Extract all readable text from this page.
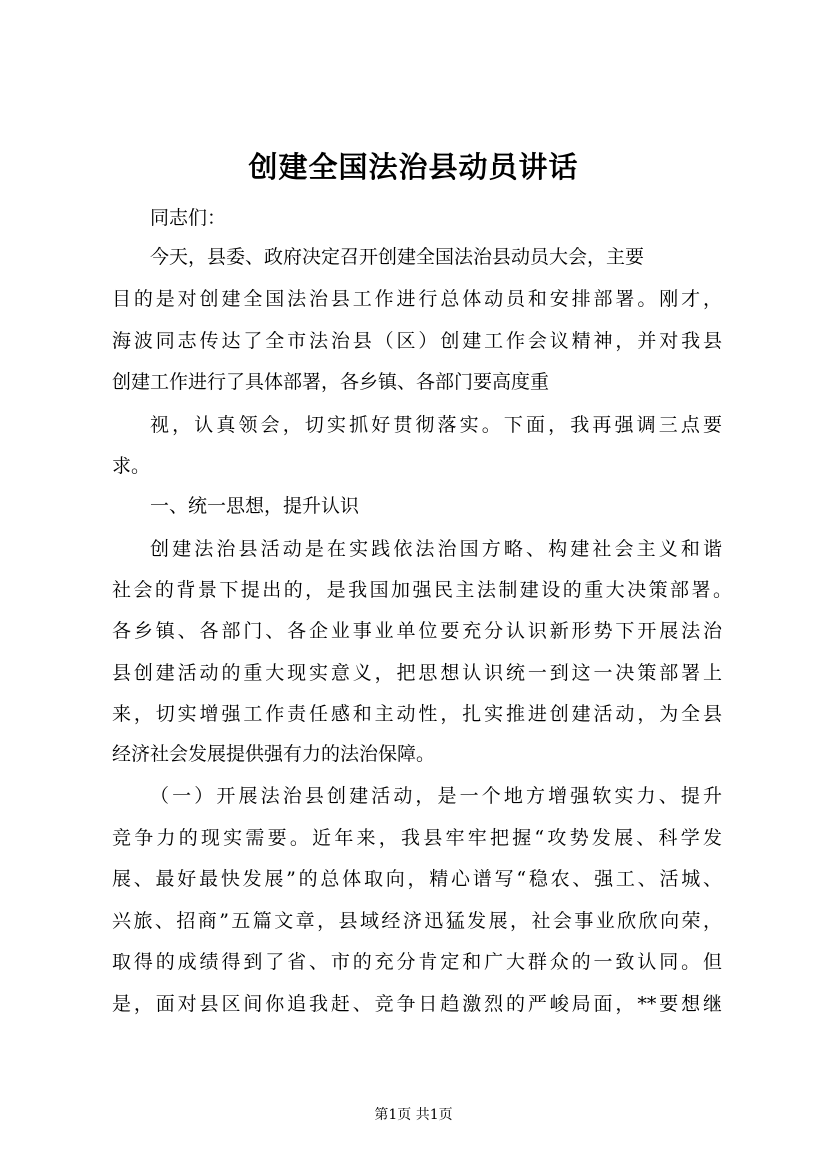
创建全国法治县动员讲话

同志们：

今天，县委、政府决定召开创建全国法治县动员大会，主要

目的是对创建全国法治县工作进行总体动员和安排部署。刚才，

海波同志传达了全市法治县（区）创建工作会议精神，并对我县

创建工作进行了具体部署，各乡镇、各部门要高度重

视，认真领会，切实抓好贯彻落实。下面，我再强调三点要

求。

一、统一思想，提升认识

创建法治县活动是在实践依法治国方略、构建社会主义和谐

社会的背景下提出的，是我国加强民主法制建设的重大决策部署。

各乡镇、各部门、各企业事业单位要充分认识新形势下开展法治

县创建活动的重大现实意义，把思想认识统一到这一决策部署上

来，切实增强工作责任感和主动性，扎实推进创建活动，为全县

经济社会发展提供强有力的法治保障。

（一）开展法治县创建活动，是一个地方增强软实力、提升

竞争力的现实需要。近年来，我县牢牢把握“攻势发展、科学发

展、最好最快发展”的总体取向，精心谱写“稳农、强工、活城、

兴旅、招商”五篇文章，县域经济迅猛发展，社会事业欣欣向荣，

取得的成绩得到了省、市的充分肯定和广大群众的一致认同。但

是，面对县区间你追我赶、竞争日趋激烈的严峻局面，**要想继

第1页 共1页
